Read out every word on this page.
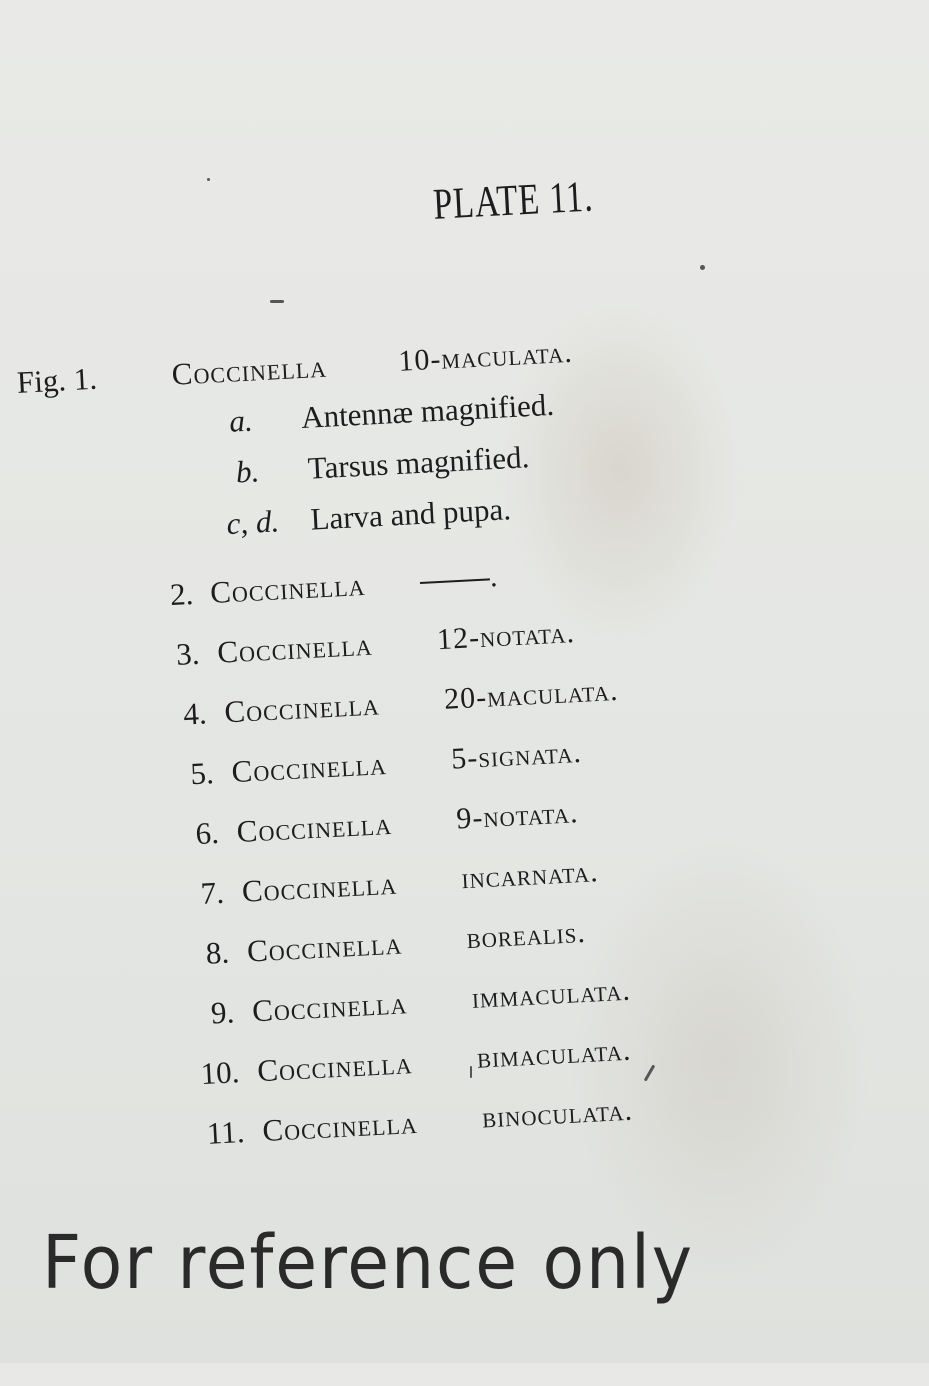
PLATE 11.
Fig. 1.	Coccinella 10-maculata.
a. Antennæ magnified.
b. Tarsus magnified.
c, d. Larva and pupa.
2. Coccinella	.
3. Coccinella 12-notata.
4. Coccinella 20-maculata.
5. Coccinella 5-signata.
6. Coccinella 9-notata.
7. Coccinella incarnata.
8. Coccinella borealis.
9. Coccinella immaculata.
10. Coccinella bimaculata.
11. Coccinella binoculata.
For reference only
